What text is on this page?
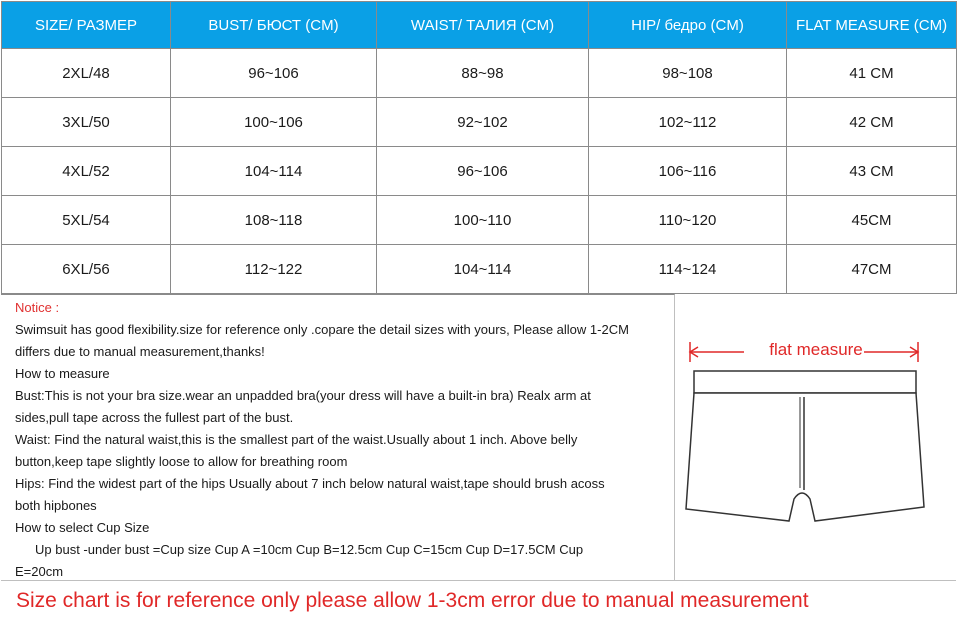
SIZE/ РАЗМЕР	BUST/ БЮСТ (CM)	WAIST/ ТАЛИЯ (CM)	HIP/ бедро (CM)	FLAT MEASURE (CM)
2XL/48	96~106	88~98	98~108	41 CM
3XL/50	100~106	92~102	102~112	42 CM
4XL/52	104~114	96~106	106~116	43 CM
5XL/54	108~118	100~110	110~120	45CM
6XL/56	112~122	104~114	114~124	47CM

Notice :

Swimsuit has good flexibility.size for reference only .copare the detail sizes with yours, Please allow 1-2CM

differs due to manual measurement,thanks!

How to measure

Bust:This is not your bra size.wear an unpadded bra(your dress will have a built-in bra) Realx arm at

sides,pull tape across the fullest part of the bust.

Waist: Find the natural waist,this is the smallest part of the waist.Usually about 1 inch. Above belly

button,keep tape slightly loose to allow for breathing room

Hips: Find the widest part of the hips Usually about 7 inch below natural waist,tape should brush acoss

both hipbones

How to select Cup Size

Up bust -under bust =Cup size Cup A =10cm Cup B=12.5cm Cup C=15cm Cup D=17.5CM Cup

E=20cm

flat measure
Size chart is for reference only please allow 1-3cm error due to manual measurement
